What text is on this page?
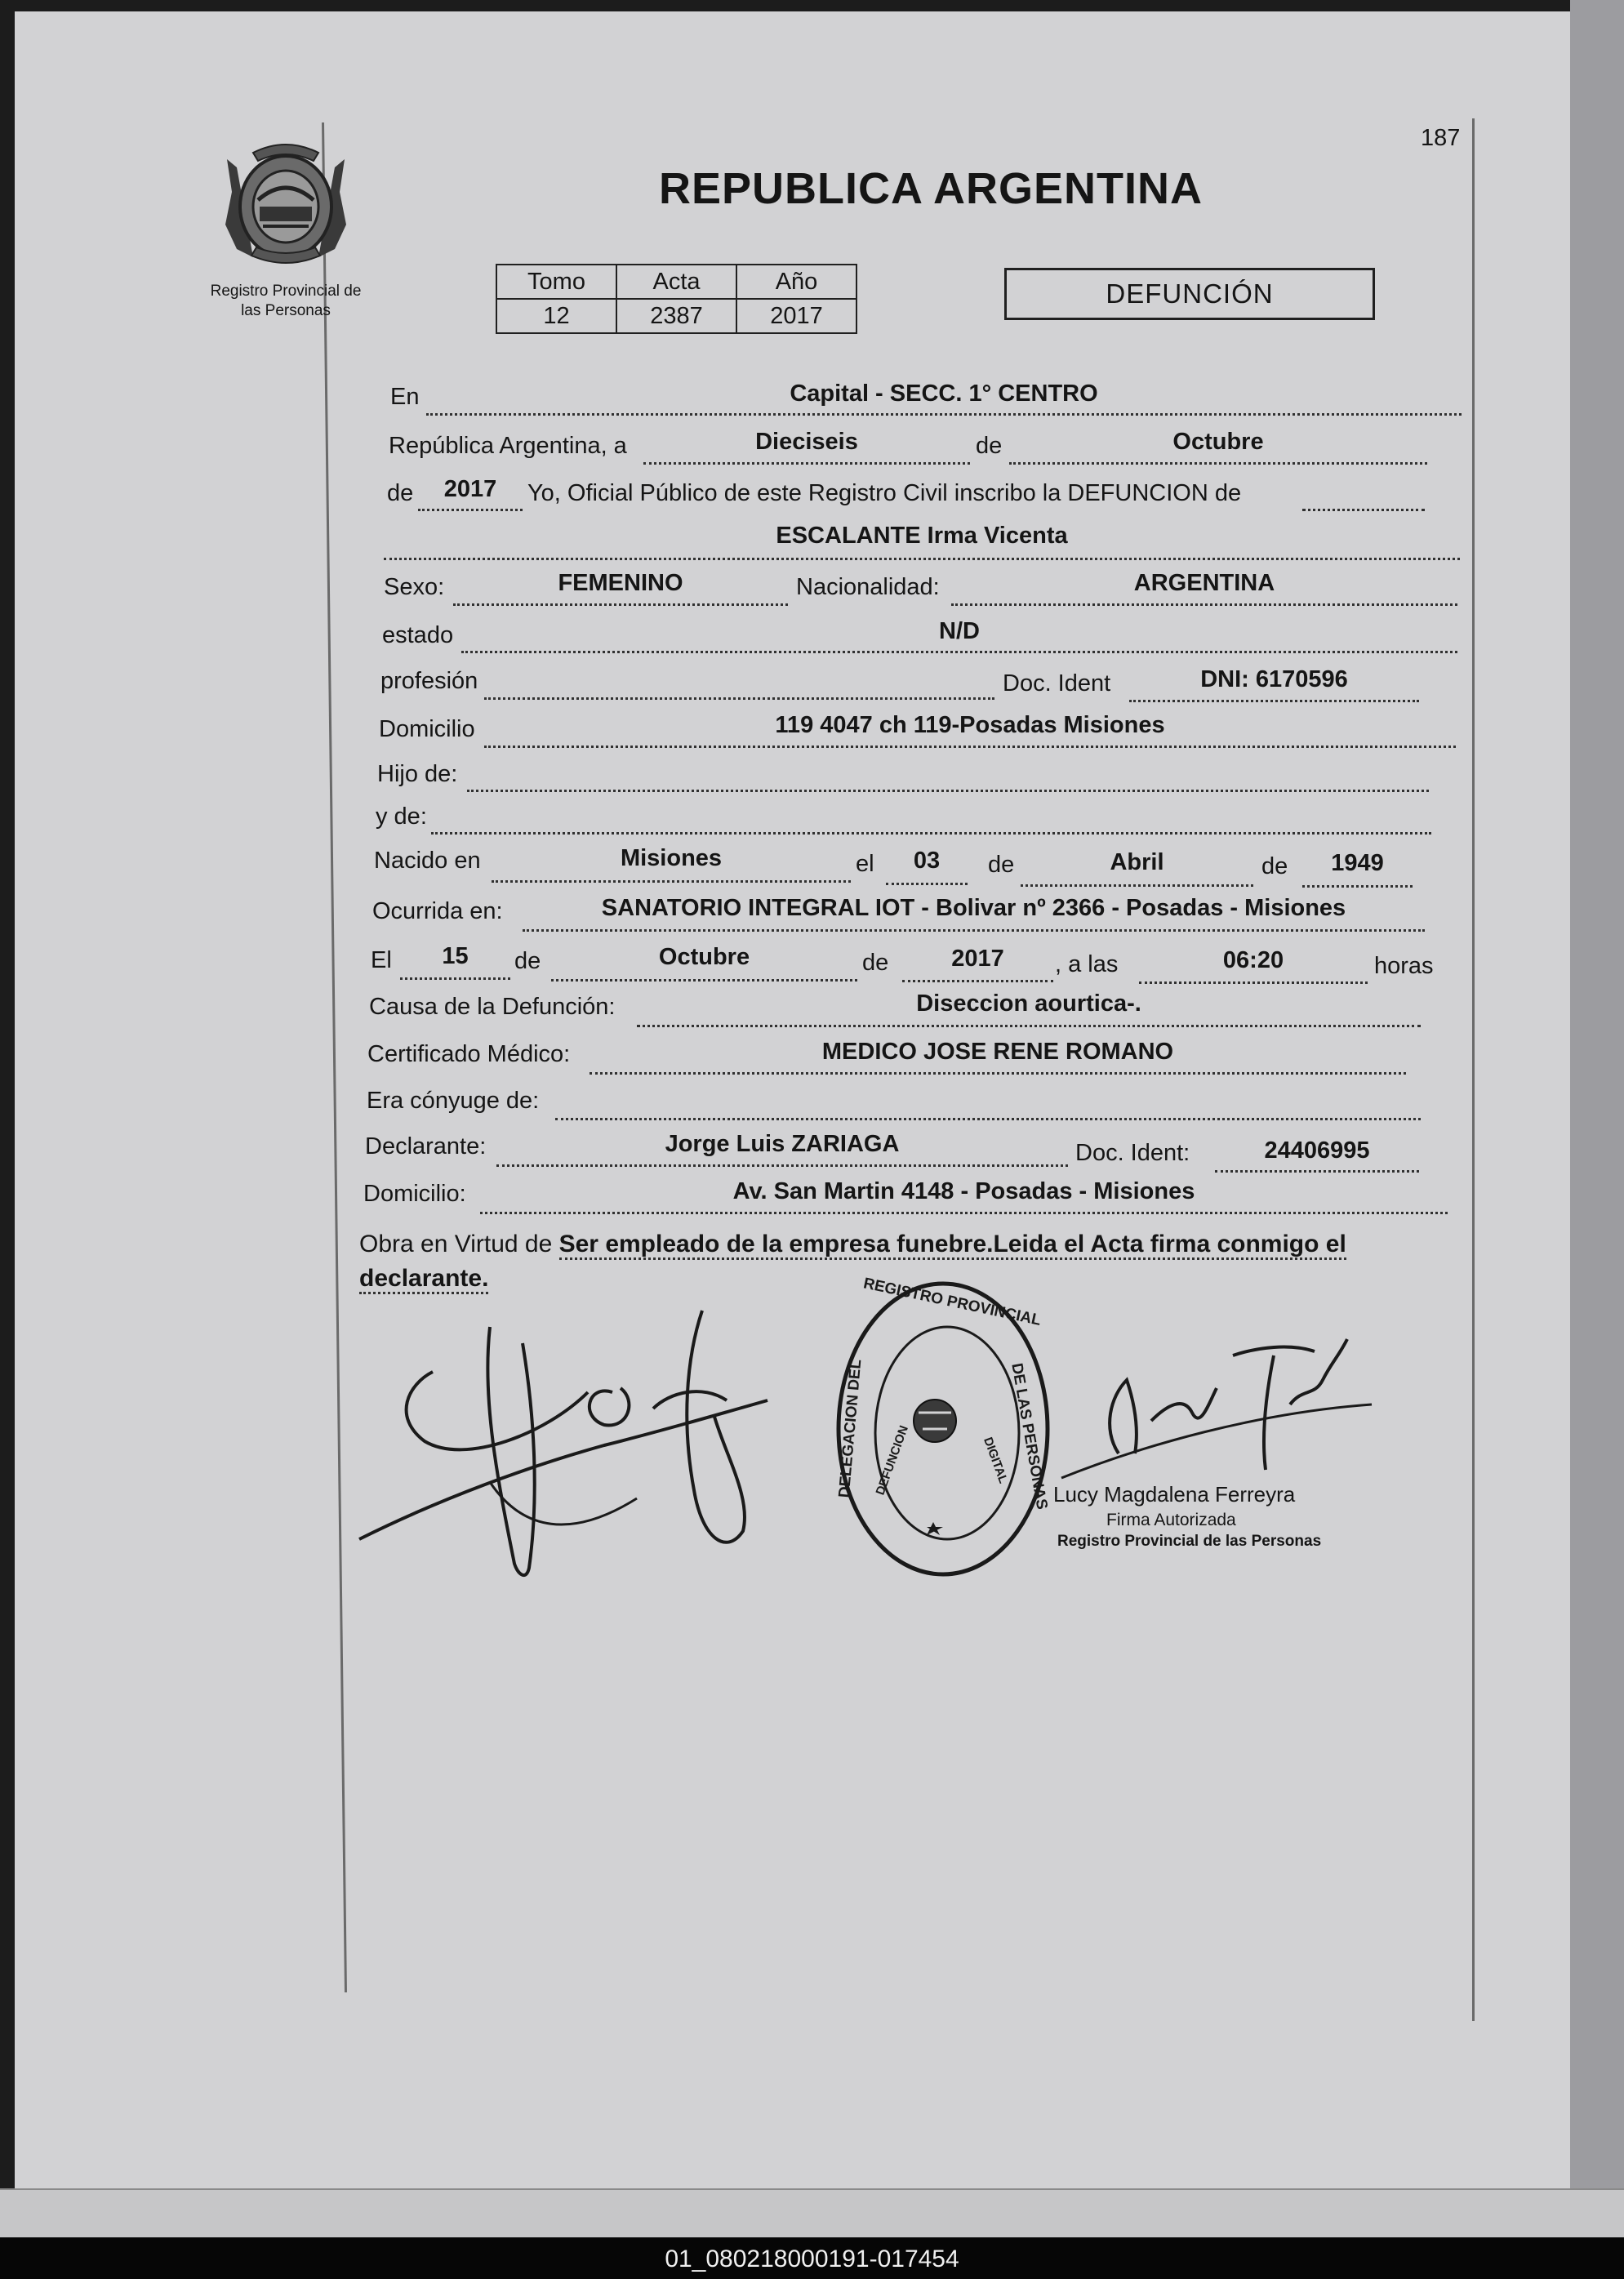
187
Registro Provincial de
las Personas
REPUBLICA ARGENTINA
Tomo	Acta	Año
12	2387	2017
DEFUNCIÓN
En	Capital - SECC. 1° CENTRO
República Argentina, a	Dieciseis	de	Octubre
de	2017	Yo, Oficial Público de este Registro Civil inscribo la DEFUNCION de
ESCALANTE Irma Vicenta
Sexo:	FEMENINO	Nacionalidad:	ARGENTINA
estado	N/D
profesión	Doc. Ident	DNI: 6170596
Domicilio	119 4047 ch 119-Posadas Misiones
Hijo de:
y de:
Nacido en	Misiones	el	03	de	Abril	de	1949
Ocurrida en:	SANATORIO INTEGRAL IOT - Bolivar nº 2366 - Posadas - Misiones
El	15	de	Octubre	de	2017	, a las	06:20	horas
Causa de la Defunción:	Diseccion aourtica-.
Certificado Médico:	MEDICO JOSE RENE ROMANO
Era cónyuge de:
Declarante:	Jorge Luis ZARIAGA	Doc. Ident:	24406995
Domicilio:	Av. San Martin 4148 - Posadas - Misiones
Obra en Virtud de Ser empleado de la empresa funebre.Leida el Acta firma conmigo el declarante.	REGISTRO PROVINCIAL
DELEGACION DEL	DE LAS PERSONAS
DEFUNCION	DIGITAL
Lucy Magdalena Ferreyra
Firma Autorizada
Registro Provincial de las Personas
01_080218000191-017454
